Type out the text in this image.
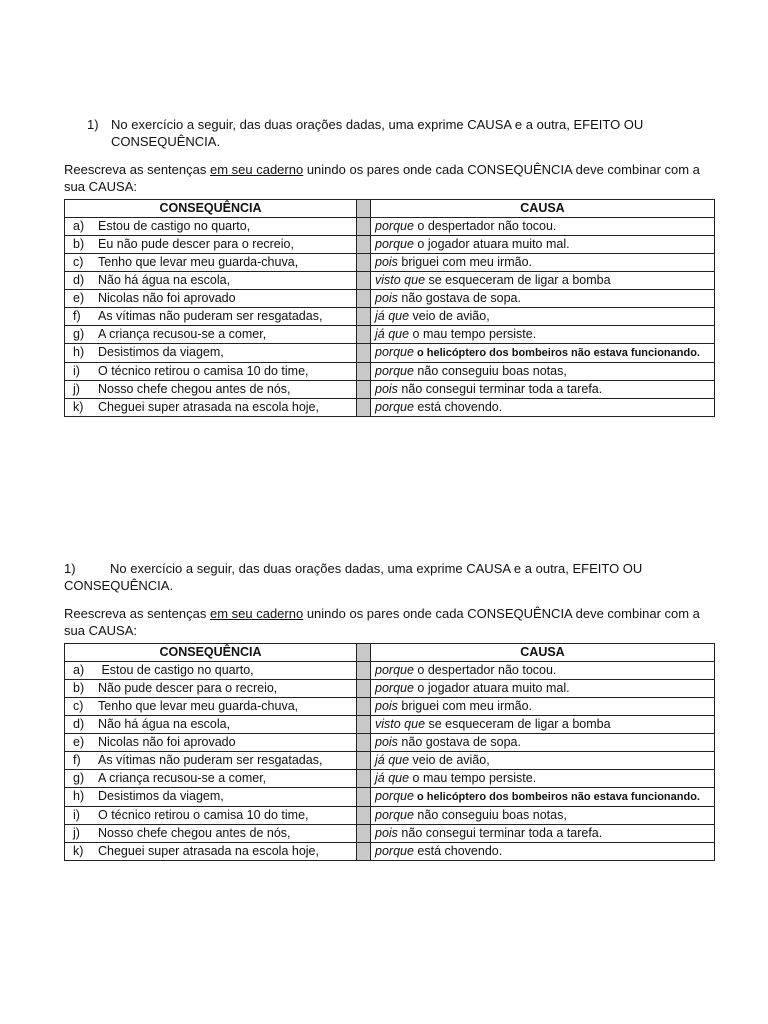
1) No exercício a seguir, das duas orações dadas, uma exprime CAUSA e a outra, EFEITO OU CONSEQUÊNCIA.

Reescreva as sentenças em seu caderno unindo os pares onde cada CONSEQUÊNCIA deve combinar com a sua CAUSA:

CONSEQUÊNCIA		CAUSA
a) Estou de castigo no quarto,		porque o despertador não tocou.
b) Eu não pude descer para o recreio,		porque o jogador atuara muito mal.
c) Tenho que levar meu guarda-chuva,		pois briguei com meu irmão.
d) Não há água na escola,		visto que se esqueceram de ligar a bomba
e) Nicolas não foi aprovado		pois não gostava de sopa.
f) As vítimas não puderam ser resgatadas,		já que veio de avião,
g) A criança recusou-se a comer,		já que o mau tempo persiste.
h) Desistimos da viagem,		porque o helicóptero dos bombeiros não estava funcionando.
i) O técnico retirou o camisa 10 do time,		porque não conseguiu boas notas,
j) Nosso chefe chegou antes de nós,		pois não consegui terminar toda a tarefa.
k) Cheguei super atrasada na escola hoje,		porque está chovendo.

1)	No exercício a seguir, das duas orações dadas, uma exprime CAUSA e a outra, EFEITO OU CONSEQUÊNCIA.

Reescreva as sentenças em seu caderno unindo os pares onde cada CONSEQUÊNCIA deve combinar com a sua CAUSA:

CONSEQUÊNCIA		CAUSA
a) Estou de castigo no quarto,		porque o despertador não tocou.
b) Não pude descer para o recreio,		porque o jogador atuara muito mal.
c) Tenho que levar meu guarda-chuva,		pois briguei com meu irmão.
d) Não há água na escola,		visto que se esqueceram de ligar a bomba
e) Nicolas não foi aprovado		pois não gostava de sopa.
f) As vítimas não puderam ser resgatadas,		já que veio de avião,
g) A criança recusou-se a comer,		já que o mau tempo persiste.
h) Desistimos da viagem,		porque o helicóptero dos bombeiros não estava funcionando.
i) O técnico retirou o camisa 10 do time,		porque não conseguiu boas notas,
j) Nosso chefe chegou antes de nós,		pois não consegui terminar toda a tarefa.
k) Cheguei super atrasada na escola hoje,		porque está chovendo.
